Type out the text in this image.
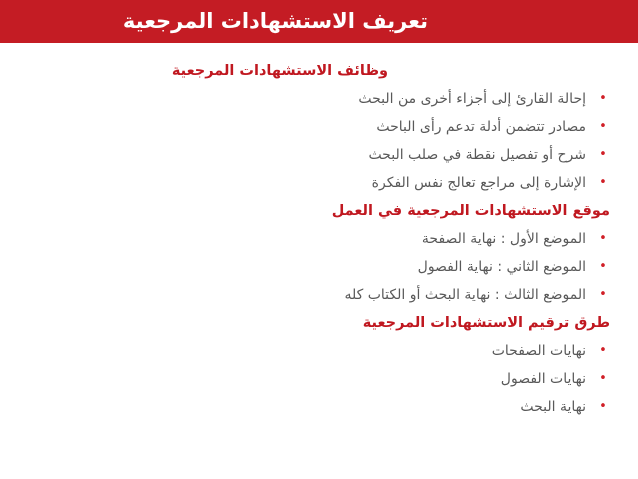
تعريف الاستشهادات المرجعية
وظائف الاستشهادات المرجعية
•
إحالة القارئ إلى أجزاء أخرى من البحث
•
مصادر تتضمن أدلة تدعم رأى الباحث
•
شرح أو تفصيل نقطة في صلب البحث
•
الإشارة إلى مراجع تعالج نفس الفكرة
موقع الاستشهادات المرجعية في العمل
•
الموضع الأول : نهاية الصفحة
•
الموضع الثاني : نهاية الفصول
•
الموضع الثالث : نهاية البحث أو الكتاب كله
طرق ترقيم الاستشهادات المرجعية
•
نهايات الصفحات
•
نهايات الفصول
•
نهاية البحث
